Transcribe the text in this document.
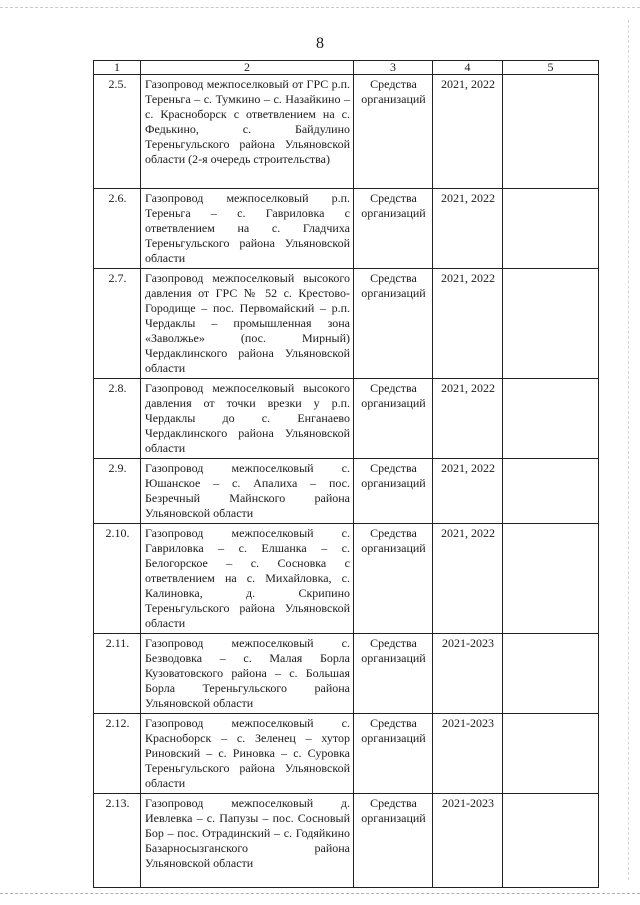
8
1	2	3	4	5
2.5.	Газопровод межпоселковый от ГРС р.п. Тереньга – с. Тумкино – с. Назайкино – с. Красноборск с ответвлением на с. Федькино, с. Байдулино Тереньгульского района Ульяновской области (2-я очередь строительства)	Средства организаций	2021, 2022	
2.6.	Газопровод межпоселковый р.п. Тереньга – с. Гавриловка с ответвлением на с. Гладчиха Тереньгульского района Ульяновской области	Средства организаций	2021, 2022	
2.7.	Газопровод межпоселковый высокого давления от ГРС № 52 с. Крестово-Городище – пос. Первомайский – р.п. Чердаклы – промышленная зона «Заволжье» (пос. Мирный) Чердаклинского района Ульяновской области	Средства организаций	2021, 2022	
2.8.	Газопровод межпоселковый высокого давления от точки врезки у р.п. Чердаклы до с. Енганаево Чердаклинского района Ульяновской области	Средства организаций	2021, 2022	
2.9.	Газопровод межпоселковый с. Юшанское – с. Апалиха – пос. Безречный Майнского района Ульяновской области	Средства организаций	2021, 2022	
2.10.	Газопровод межпоселковый с. Гавриловка – с. Елшанка – с. Белогорское – с. Сосновка с ответвлением на с. Михайловка, с. Калиновка, д. Скрипино Тереньгульского района Ульяновской области	Средства организаций	2021, 2022	
2.11.	Газопровод межпоселковый с. Безводовка – с. Малая Борла Кузоватовского района – с. Большая Борла Тереньгульского района Ульяновской области	Средства организаций	2021-2023	
2.12.	Газопровод межпоселковый с. Красноборск – с. Зеленец – хутор Риновский – с. Риновка – с. Суровка Тереньгульского района Ульяновской области	Средства организаций	2021-2023	
2.13.	Газопровод межпоселковый д. Иевлевка – с. Папузы – пос. Сосновый Бор – пос. Отрадинский – с. Годяйкино Базарносызганского района Ульяновской области	Средства организаций	2021-2023	
